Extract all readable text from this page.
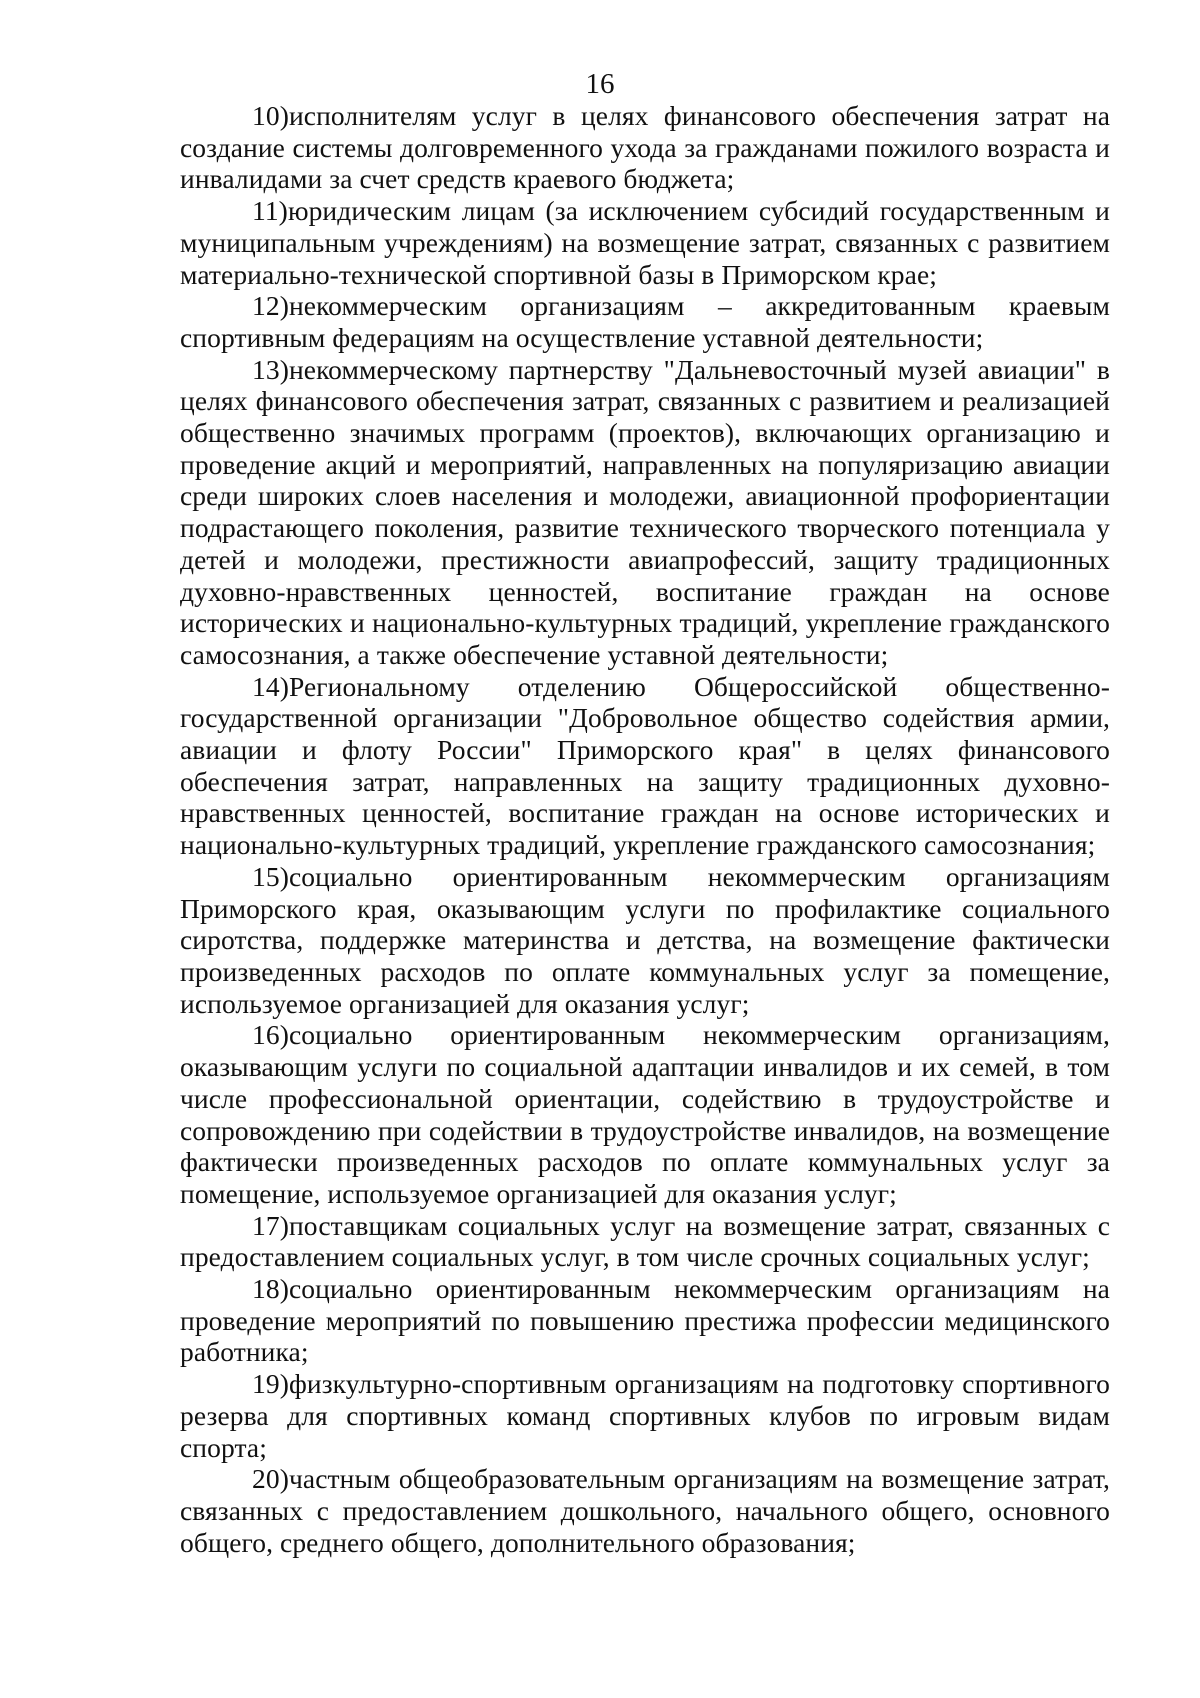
16

10)исполнителям услуг в целях финансового обеспечения затрат на создание системы долговременного ухода за гражданами пожилого возраста и инвалидами за счет средств краевого бюджета;

11)юридическим лицам (за исключением субсидий государственным и муниципальным учреждениям) на возмещение затрат, связанных с развитием материально-технической спортивной базы в Приморском крае;

12)некоммерческим организациям – аккредитованным краевым спортивным федерациям на осуществление уставной деятельности;

13)некоммерческому партнерству "Дальневосточный музей авиации" в целях финансового обеспечения затрат, связанных с развитием и реализацией общественно значимых программ (проектов), включающих организацию и проведение акций и мероприятий, направленных на популяризацию авиации среди широких слоев населения и молодежи, авиационной профориентации подрастающего поколения, развитие технического творческого потенциала у детей и молодежи, престижности авиапрофессий, защиту традиционных духовно-нравственных ценностей, воспитание граждан на основе исторических и национально-культурных традиций, укрепление гражданского самосознания, а также обеспечение уставной деятельности;

14)Региональному отделению Общероссийской общественно-государственной организации "Добровольное общество содействия армии, авиации и флоту России" Приморского края" в целях финансового обеспечения затрат, направленных на защиту традиционных духовно-нравственных ценностей, воспитание граждан на основе исторических и национально-культурных традиций, укрепление гражданского самосознания;

15)социально ориентированным некоммерческим организациям Приморского края, оказывающим услуги по профилактике социального сиротства, поддержке материнства и детства, на возмещение фактически произведенных расходов по оплате коммунальных услуг за помещение, используемое организацией для оказания услуг;

16)социально ориентированным некоммерческим организациям, оказывающим услуги по социальной адаптации инвалидов и их семей, в том числе профессиональной ориентации, содействию в трудоустройстве и сопровождению при содействии в трудоустройстве инвалидов, на возмещение фактически произведенных расходов по оплате коммунальных услуг за помещение, используемое организацией для оказания услуг;

17)поставщикам социальных услуг на возмещение затрат, связанных с предоставлением социальных услуг, в том числе срочных социальных услуг;

18)социально ориентированным некоммерческим организациям на проведение мероприятий по повышению престижа профессии медицинского работника;

19)физкультурно-спортивным организациям на подготовку спортивного резерва для спортивных команд спортивных клубов по игровым видам спорта;

20)частным общеобразовательным организациям на возмещение затрат, связанных с предоставлением дошкольного, начального общего, основного общего, среднего общего, дополнительного образования;
